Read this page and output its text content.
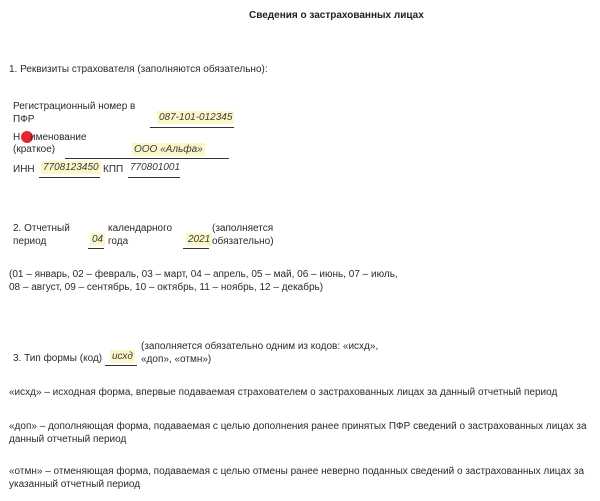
Сведения о застрахованных лицах
1. Реквизиты страхователя (заполняются обязательно):
Регистрационный номер в
ПФР	087-101-012345
Н именование
(краткое)	ООО «Альфа»
ИНН 7708123450 КПП 770801001
2. Отчетный
период	04
календарного
года	2021
(заполняется
обязательно)
(01 – январь, 02 – февраль, 03 – март, 04 – апрель, 05 – май, 06 – июнь, 07 – июль,
08 – август, 09 – сентябрь, 10 – октябрь, 11 – ноябрь, 12 – декабрь)
3. Тип формы (код) исхд
(заполняется обязательно одним из кодов: «исхд»,
«доп», «отмн»)
«исхд» – исходная форма, впервые подаваемая страхователем о застрахованных лицах за данный отчетный период
«доп» – дополняющая форма, подаваемая с целью дополнения ранее принятых ПФР сведений о застрахованных лицах за
данный отчетный период
«отмн» – отменяющая форма, подаваемая с целью отмены ранее неверно поданных сведений о застрахованных лицах за
указанный отчетный период
